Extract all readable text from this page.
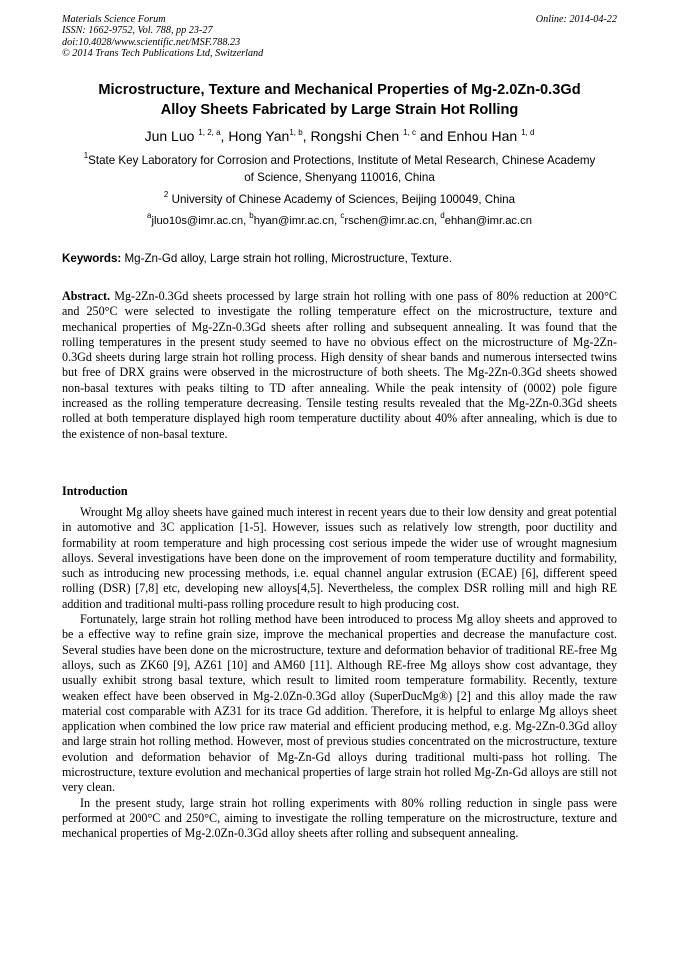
Materials Science Forum
ISSN: 1662-9752, Vol. 788, pp 23-27
doi:10.4028/www.scientific.net/MSF.788.23
© 2014 Trans Tech Publications Ltd, Switzerland
Online: 2014-04-22
Microstructure, Texture and Mechanical Properties of Mg-2.0Zn-0.3Gd
Alloy Sheets Fabricated by Large Strain Hot Rolling
Jun Luo $^{1, 2, a}$, Hong Yan$^{1, b}$, Rongshi Chen $^{1, c}$ and Enhou Han $^{1, d}$
$^1$State Key Laboratory for Corrosion and Protections, Institute of Metal Research, Chinese Academy
of Science, Shenyang 110016, China
$^2$ University of Chinese Academy of Sciences, Beijing 100049, China
$^a$jluo10s@imr.ac.cn, $^b$hyan@imr.ac.cn, $^c$rschen@imr.ac.cn, $^d$ehhan@imr.ac.cn
Keywords: Mg-Zn-Gd alloy, Large strain hot rolling, Microstructure, Texture.

Abstract. Mg-2Zn-0.3Gd sheets processed by large strain hot rolling with one pass of 80% reduction at 200°C and 250°C were selected to investigate the rolling temperature effect on the microstructure, texture and mechanical properties of Mg-2Zn-0.3Gd sheets after rolling and subsequent annealing. It was found that the rolling temperatures in the present study seemed to have no obvious effect on the microstructure of Mg-2Zn-0.3Gd sheets during large strain hot rolling process. High density of shear bands and numerous intersected twins but free of DRX grains were observed in the microstructure of both sheets. The Mg-2Zn-0.3Gd sheets showed non-basal textures with peaks tilting to TD after annealing. While the peak intensity of (0002) pole figure increased as the rolling temperature decreasing. Tensile testing results revealed that the Mg-2Zn-0.3Gd sheets rolled at both temperature displayed high room temperature ductility about 40% after annealing, which is due to the existence of non-basal texture.

Introduction

Wrought Mg alloy sheets have gained much interest in recent years due to their low density and great potential in automotive and 3C application [1-5]. However, issues such as relatively low strength, poor ductility and formability at room temperature and high processing cost serious impede the wider use of wrought magnesium alloys. Several investigations have been done on the improvement of room temperature ductility and formability, such as introducing new processing methods, i.e. equal channel angular extrusion (ECAE) [6], different speed rolling (DSR) [7,8] etc, developing new alloys[4,5]. Nevertheless, the complex DSR rolling mill and high RE addition and traditional multi-pass rolling procedure result to high producing cost.

Fortunately, large strain hot rolling method have been introduced to process Mg alloy sheets and approved to be a effective way to refine grain size, improve the mechanical properties and decrease the manufacture cost. Several studies have been done on the microstructure, texture and deformation behavior of traditional RE-free Mg alloys, such as ZK60 [9], AZ61 [10] and AM60 [11]. Although RE-free Mg alloys show cost advantage, they usually exhibit strong basal texture, which result to limited room temperature formability. Recently, texture weaken effect have been observed in Mg-2.0Zn-0.3Gd alloy (SuperDucMg®) [2] and this alloy made the raw material cost comparable with AZ31 for its trace Gd addition. Therefore, it is helpful to enlarge Mg alloys sheet application when combined the low price raw material and efficient producing method, e.g. Mg-2Zn-0.3Gd alloy and large strain hot rolling method. However, most of previous studies concentrated on the microstructure, texture evolution and deformation behavior of Mg-Zn-Gd alloys during traditional multi-pass hot rolling. The microstructure, texture evolution and mechanical properties of large strain hot rolled Mg-Zn-Gd alloys are still not very clean.

In the present study, large strain hot rolling experiments with 80% rolling reduction in single pass were performed at 200°C and 250°C, aiming to investigate the rolling temperature on the microstructure, texture and mechanical properties of Mg-2.0Zn-0.3Gd alloy sheets after rolling and subsequent annealing.
